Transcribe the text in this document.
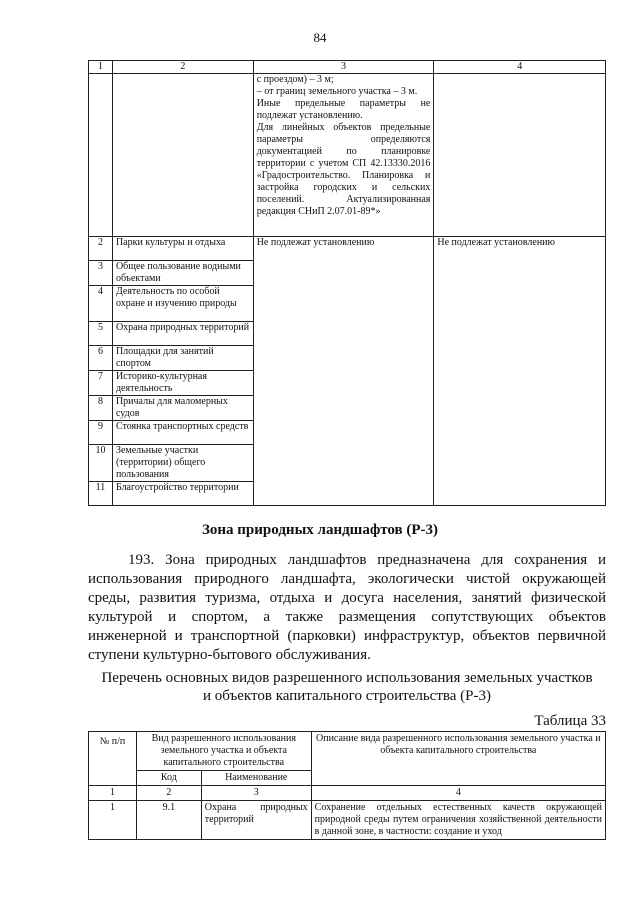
84
1	2	3	4

		с проездом) – 3 м;
– от границ земельного участка – 3 м.
Иные предельные параметры не подлежат установлению.
Для линейных объектов предельные параметры определяются документацией по планировке территории с учетом СП 42.13330.2016 «Градостроительство. Планировка и застройка городских и сельских поселений. Актуализированная редакция СНиП 2.07.01-89*»	

2	Парки культуры и отдыха	Не подлежат установлению	Не подлежат установлению
3	Общее пользование водными объектами		
4	Деятельность по особой охране и изучению природы		
5	Охрана природных территорий		
6	Площадки для занятий спортом		
7	Историко-культурная деятельность		
8	Причалы для маломерных судов		
9	Стоянка транспортных средств		
10	Земельные участки (территории) общего пользования		
11	Благоустройство территории		
Зона природных ландшафтов (Р-3)

193. Зона природных ландшафтов предназначена для сохранения и использования природного ландшафта, экологически чистой окружающей среды, развития туризма, отдыха и досуга населения, занятий физической культурой и спортом, а также размещения сопутствующих объектов инженерной и транспортной (парковки) инфраструктур, объектов первичной ступени культурно-бытового обслуживания.

Перечень основных видов разрешенного использования земельных участков
и объектов капитального строительства (Р-3)

Таблица 33
№ п/п	Вид разрешенного использования земельного участка и объекта капитального строительства		Описание вида разрешенного использования земельного участка и объекта капитального строительства
	Код	Наименование	
1	2	3	4
1	9.1	Охрана природных территорий	Сохранение отдельных естественных качеств окружающей природной среды путем ограничения хозяйственной деятельности в данной зоне, в частности: создание и уход
